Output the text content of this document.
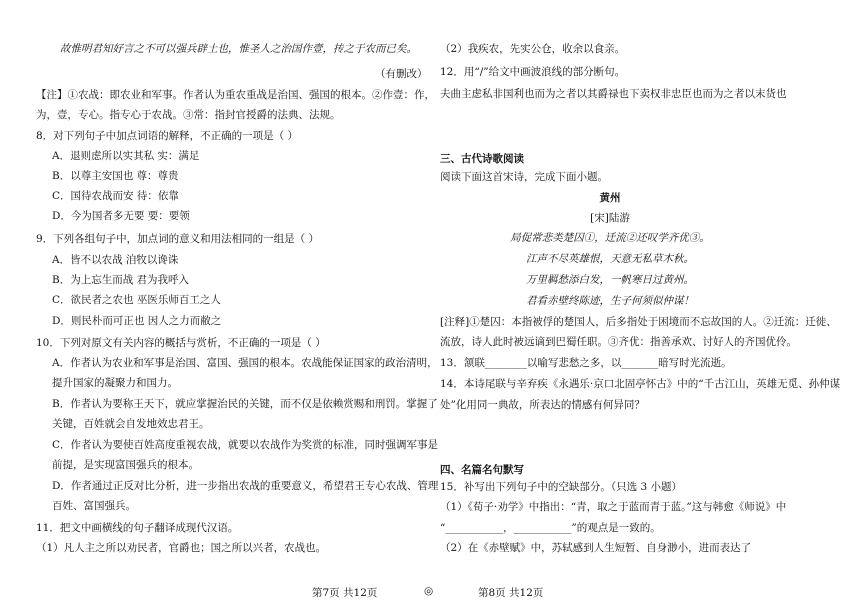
故惟明君知好言之不可以强兵辟土也，惟圣人之治国作壹，抟之于农而已矣。
（有删改）
【注】①农战：即农业和军事。作者认为重农重战是治国、强国的根本。②作壹：作，
为，壹，专心。指专心于农战。③常：指封官授爵的法典、法规。
8．对下列句子中加点词语的解释，不正确的一项是（ ）
A．退则虑所以实其私 实：满足
B．以尊主安国也 尊：尊贵
C．国待农战而安 待：依靠
D．今为国者多无要 要：要领
9．下列各组句子中，加点词的意义和用法相同的一组是（ ）
A．皆不以农战 洎牧以谗诛
B．为上忘生而战 君为我呼入
C．欲民者之农也 巫医乐师百工之人
D．则民朴而可正也 因人之力而敝之
10．下列对原文有关内容的概括与赏析，不正确的一项是（ ）
A．作者认为农业和军事是治国、富国、强国的根本。农战能保证国家的政治清明，
提升国家的凝聚力和国力。
B．作者认为要称王天下，就应掌握治民的关键，而不仅是依赖赏赐和刑罚。掌握了
关键，百姓就会自发地效忠君王。
C．作者认为要使百姓高度重视农战，就要以农战作为奖赏的标准，同时强调军事是
前提，是实现富国强兵的根本。
D．作者通过正反对比分析，进一步指出农战的重要意义，希望君王专心农战、管理
百姓、富国强兵。
11．把文中画横线的句子翻译成现代汉语。
（1）凡人主之所以劝民者，官爵也；国之所以兴者，农战也。
（2）我疾农，先实公仓，收余以食亲。
12．用“/”给文中画波浪线的部分断句。
夫曲主虑私非国利也而为之者以其爵禄也下卖权非忠臣也而为之者以末货也
三、古代诗歌阅读
阅读下面这首宋诗，完成下面小题。
黄州
[宋]陆游
局促常悲类楚囚①，迁流②还叹学齐优③。
江声不尽英雄恨，天意无私草木秋。
万里羁愁添白发，一帆寒日过黄州。
君看赤壁终陈迹，生子何须似仲谋！
[注释]①楚囚：本指被俘的楚国人，后多指处于困境而不忘故国的人。②迁流：迁徙、
流放，诗人此时被远谪到巴蜀任职。③齐优：指善承欢、讨好人的齐国优伶。
13．颔联________以喻写悲愁之多，以_______暗写时光流逝。
14．本诗尾联与辛弃疾《永遇乐·京口北固亭怀古》中的“千古江山，英雄无觅、孙仲谋
处”化用同一典故，所表达的情感有何异同？
四、名篇名句默写
15．补写出下列句子中的空缺部分。（只选 3 小题）
（1）《荀子·劝学》中指出：“青，取之于蓝而青于蓝。”这与韩愈《师说》中
“___________，___________”的观点是一致的。
（2）在《赤壁赋》中，苏轼感到人生短暂、自身渺小，进而表达了
第7页 共12页	◎	第8页 共12页
